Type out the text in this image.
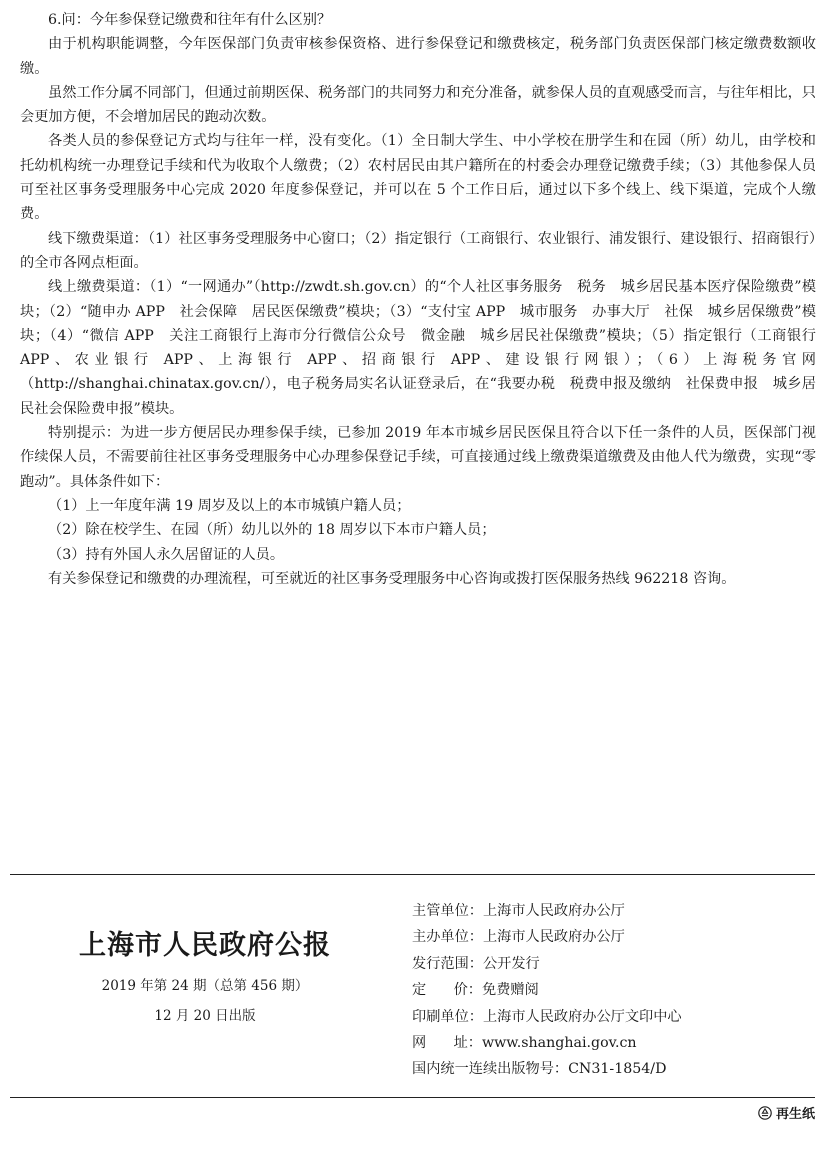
6.问：今年参保登记缴费和往年有什么区别？

由于机构职能调整，今年医保部门负责审核参保资格、进行参保登记和缴费核定，税务部门负责医保部门核定缴费数额收缴。

虽然工作分属不同部门，但通过前期医保、税务部门的共同努力和充分准备，就参保人员的直观感受而言，与往年相比，只会更加方便，不会增加居民的跑动次数。

各类人员的参保登记方式均与往年一样，没有变化。（1）全日制大学生、中小学校在册学生和在园（所）幼儿，由学校和托幼机构统一办理登记手续和代为收取个人缴费；（2）农村居民由其户籍所在的村委会办理登记缴费手续；（3）其他参保人员可至社区事务受理服务中心完成 2020 年度参保登记，并可以在 5 个工作日后，通过以下多个线上、线下渠道，完成个人缴费。

线下缴费渠道：（1）社区事务受理服务中心窗口；（2）指定银行（工商银行、农业银行、浦发银行、建设银行、招商银行）的全市各网点柜面。

线上缴费渠道：（1）“一网通办”（http://zwdt.sh.gov.cn）的“个人社区事务服务　税务　城乡居民基本医疗保险缴费”模块；（2）“随申办 APP　社会保障　居民医保缴费”模块；（3）“支付宝 APP　城市服务　办事大厅　社保　城乡居保缴费”模块；（4）“微信 APP　关注工商银行上海市分行微信公众号　微金融　城乡居民社保缴费”模块；（5）指定银行（工商银行 APP、农业银行 APP、上海银行 APP、招商银行 APP、建设银行网银）；（6）上海税务官网（http://shanghai.chinatax.gov.cn/），电子税务局实名认证登录后，在“我要办税　税费申报及缴纳　社保费申报　城乡居民社会保险费申报”模块。

特别提示：为进一步方便居民办理参保手续，已参加 2019 年本市城乡居民医保且符合以下任一条件的人员，医保部门视作续保人员，不需要前往社区事务受理服务中心办理参保登记手续，可直接通过线上缴费渠道缴费及由他人代为缴费，实现“零跑动”。具体条件如下：

（1）上一年度年满 19 周岁及以上的本市城镇户籍人员；

（2）除在校学生、在园（所）幼儿以外的 18 周岁以下本市户籍人员；

（3）持有外国人永久居留证的人员。

有关参保登记和缴费的办理流程，可至就近的社区事务受理服务中心咨询或拨打医保服务热线 962218 咨询。

上海市人民政府公报
2019 年第 24 期（总第 456 期）
12 月 20 日出版
主管单位： 上海市人民政府办公厅
主办单位： 上海市人民政府办公厅
发行范围： 公开发行
定 价： 免费赠阅
印刷单位： 上海市人民政府办公厅文印中心
网 址： www.shanghai.gov.cn
国内统一连续出版物号： CN31-1854/D
再生纸
